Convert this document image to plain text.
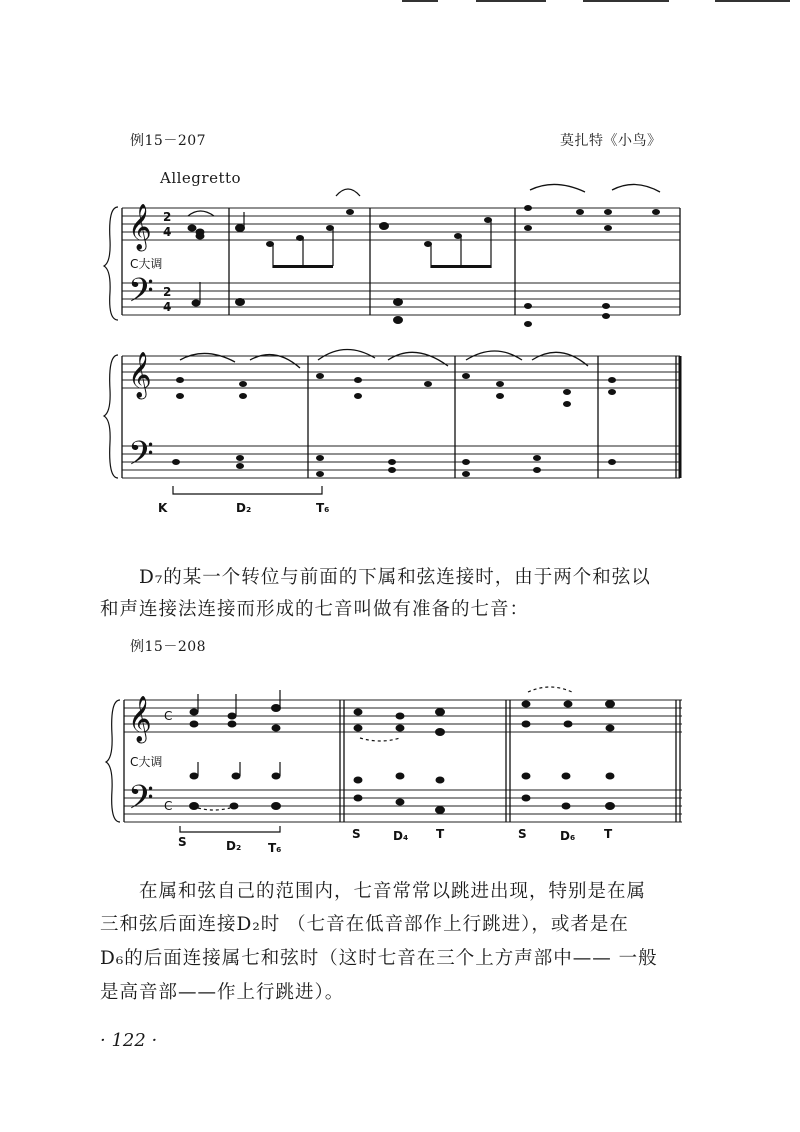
例15－207	莫扎特《小鸟》
Allegretto
𝄞
𝄢
2
4
2
4
C大调
𝄞
𝄢
K	D₂	T₆
D₇的某一个转位与前面的下属和弦连接时，由于两个和弦以
和声连接法连接而形成的七音叫做有准备的七音：
例15－208
𝄞
𝄢
C
C
C大调
S	D₂ T₆
S	D₄ T	S	D₆ T
在属和弦自己的范围内，七音常常以跳进出现，特别是在属
三和弦后面连接D₂时 （七音在低音部作上行跳进），或者是在
D₆的后面连接属七和弦时（这时七音在三个上方声部中—— 一般
是高音部——作上行跳进）。
· 122 ·
